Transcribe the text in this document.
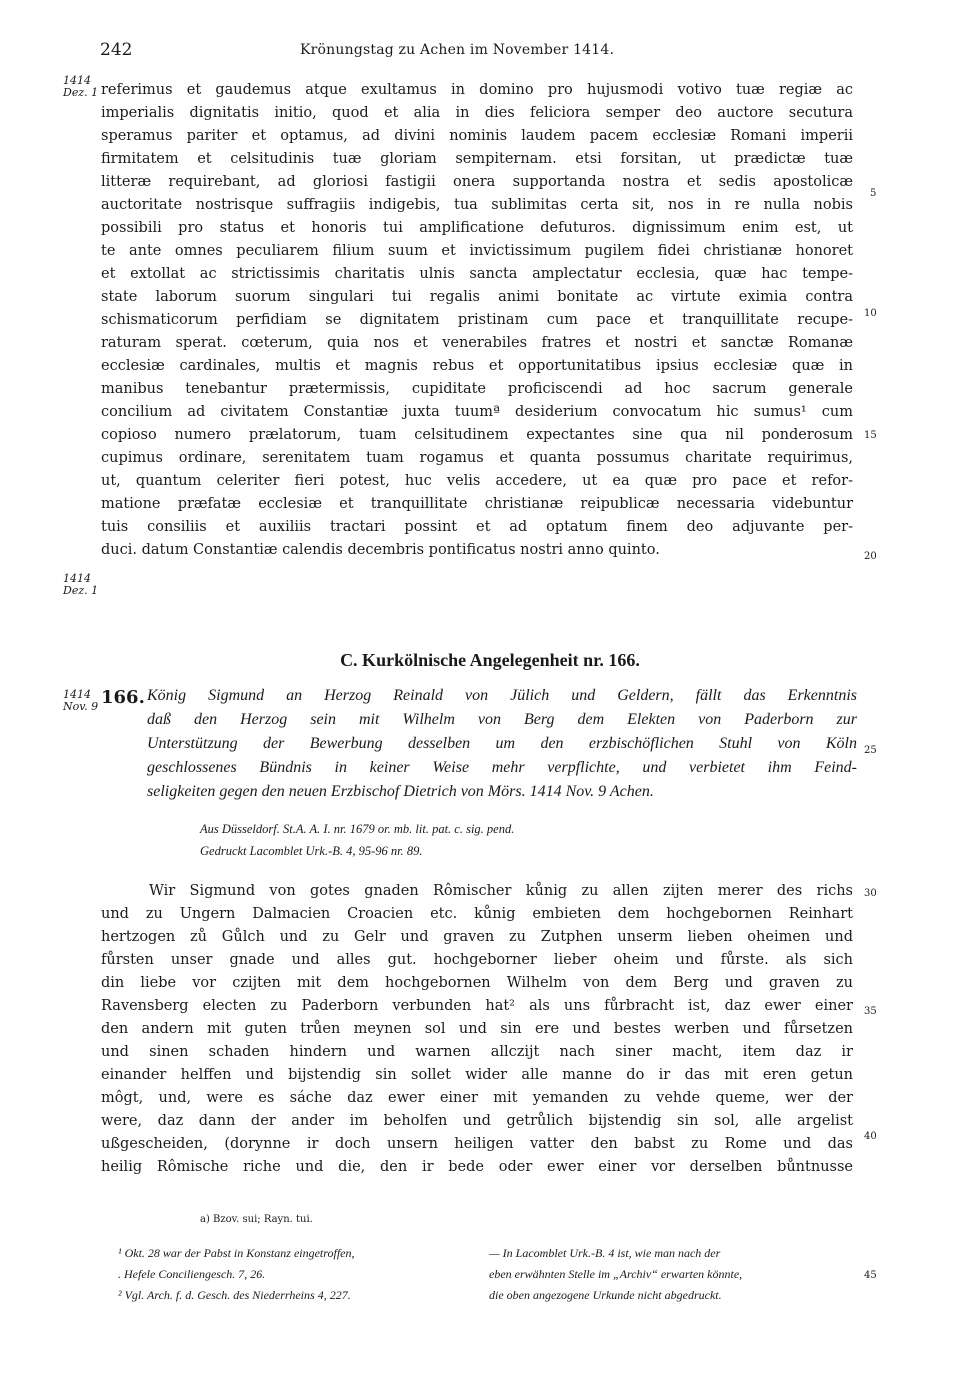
242	Krönungstag zu Achen im November 1414.
1414
Dez. 1
1414
Dez. 1
referimus et gaudemus atque exultamus in domino pro hujusmodi votivo tuæ regiæ ac
imperialis dignitatis initio, quod et alia in dies feliciora semper deo auctore secutura
speramus pariter et optamus, ad divini nominis laudem pacem ecclesiæ Romani imperii
firmitatem et celsitudinis tuæ gloriam sempiternam. etsi forsitan, ut prædictæ tuæ
litteræ requirebant, ad gloriosi fastigii onera supportanda nostra et sedis apostolicæ
auctoritate nostrisque suffragiis indigebis, tua sublimitas certa sit, nos in re nulla nobis
possibili pro status et honoris tui amplificatione defuturos. dignissimum enim est, ut
te ante omnes peculiarem filium suum et invictissimum pugilem fidei christianæ honoret
et extollat ac strictissimis charitatis ulnis sancta amplectatur ecclesia, quæ hac tempe-
state laborum suorum singulari tui regalis animi bonitate ac virtute eximia contra
schismaticorum perfidiam se dignitatem pristinam cum pace et tranquillitate recupe-
raturam sperat. cœterum, quia nos et venerabiles fratres et nostri et sanctæ Romanæ
ecclesiæ cardinales, multis et magnis rebus et opportunitatibus ipsius ecclesiæ quæ in
manibus tenebantur prætermissis, cupiditate proficiscendi ad hoc sacrum generale
concilium ad civitatem Constantiæ juxta tuumª desiderium convocatum hic sumus¹ cum
copioso numero prælatorum, tuam celsitudinem expectantes sine qua nil ponderosum
cupimus ordinare, serenitatem tuam rogamus et quanta possumus charitate requirimus,
ut, quantum celeriter fieri potest, huc velis accedere, ut ea quæ pro pace et refor-
matione præfatæ ecclesiæ et tranquillitate christianæ reipublicæ necessaria videbuntur
tuis consiliis et auxiliis tractari possint et ad optatum finem deo adjuvante per-
duci. datum Constantiæ calendis decembris pontificatus nostri anno quinto.
5
10
15
20
C. Kurkölnische Angelegenheit nr. 166.
1414
Nov. 9 166. König Sigmund an Herzog Reinald von Jülich und Geldern, fällt das Erkenntnis
daß den Herzog sein mit Wilhelm von Berg dem Elekten von Paderborn zur
Unterstützung der Bewerbung desselben um den erzbischöflichen Stuhl von Köln
geschlossenes Bündnis in keiner Weise mehr verpflichte, und verbietet ihm Feind-
seligkeiten gegen den neuen Erzbischof Dietrich von Mörs. 1414 Nov. 9 Achen.
25
Aus Düsseldorf. St.A. A. I. nr. 1679 or. mb. lit. pat. c. sig. pend.
Gedruckt Lacomblet Urk.-B. 4, 95-96 nr. 89.
Wir Sigmund von gotes gnaden Rômischer kůnig zu allen zijten merer des richs
und zu Ungern Dalmacien Croacien etc. kůnig embieten dem hochgebornen Reinhart
hertzogen zů Gůlch und zu Gelr und graven zu Zutphen unserm lieben oheimen und
fůrsten unser gnade und alles gut. hochgeborner lieber oheim und fůrste. als sich
din liebe vor czijten mit dem hochgebornen Wilhelm von dem Berg und graven zu
Ravensberg electen zu Paderborn verbunden hat² als uns fůrbracht ist, daz ewer einer
den andern mit guten trůen meynen sol und sin ere und bestes werben und fůrsetzen
und sinen schaden hindern und warnen allczijt nach siner macht, item daz ir
einander helffen und bijstendig sin sollet wider alle manne do ir das mit eren getun
môgt, und, were es sáche daz ewer einer mit yemanden zu vehde queme, wer der
were, daz dann der ander im beholfen und getrůlich bijstendig sin sol, alle argelist
ußgescheiden, (dorynne ir doch unsern heiligen vatter den babst zu Rome und das
heilig Rômische riche und die, den ir bede oder ewer einer vor derselben bůntnusse
30
35
40
a) Bzov. sui; Rayn. tui.
¹ Okt. 28 war der Pabst in Konstanz eingetroffen,
. Hefele Conciliengesch. 7, 26.
² Vgl. Arch. f. d. Gesch. des Niederrheins 4, 227.
— In Lacomblet Urk.-B. 4 ist, wie man nach der
eben erwähnten Stelle im „Archiv“ erwarten könnte,
die oben angezogene Urkunde nicht abgedruckt.
45
